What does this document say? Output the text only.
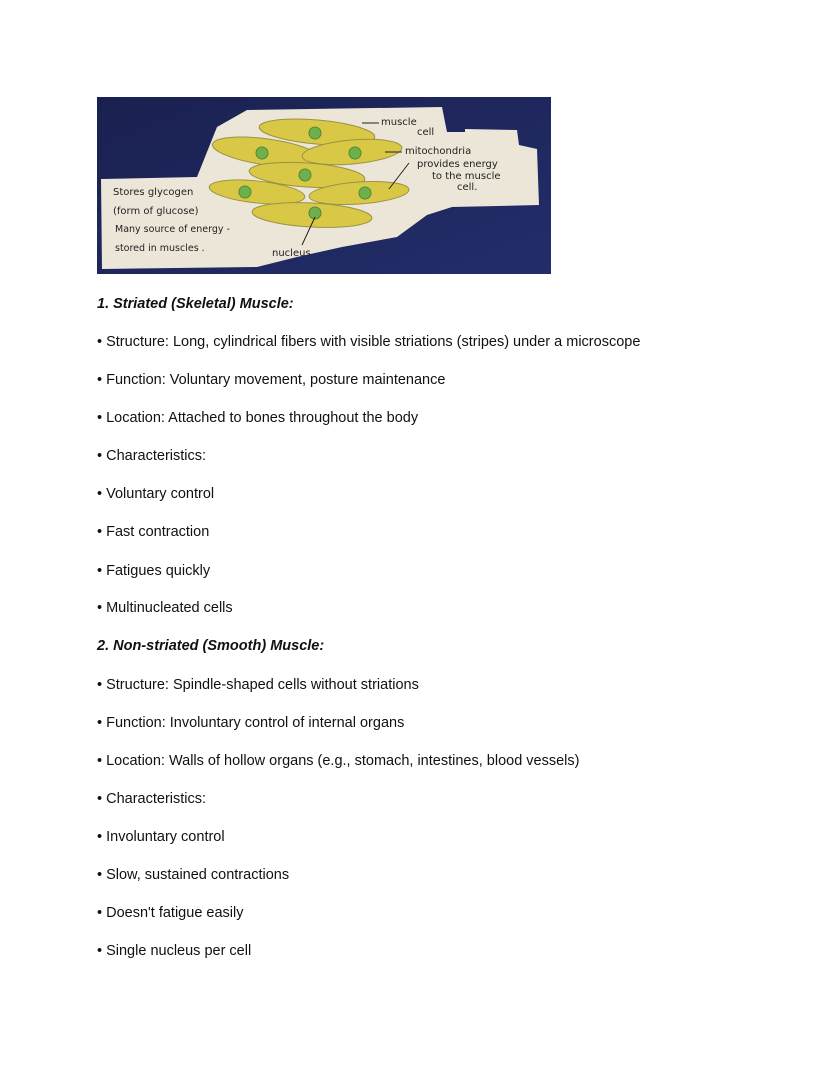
muscle
cell
mitochondria
provides energy
to the muscle
cell.
Stores glycogen
(form of glucose)
Many source of energy -
stored in muscles .	nucleus
1. Striated (Skeletal) Muscle:
• Structure: Long, cylindrical fibers with visible striations (stripes) under a microscope
• Function: Voluntary movement, posture maintenance
• Location: Attached to bones throughout the body
• Characteristics:
• Voluntary control
• Fast contraction
• Fatigues quickly
• Multinucleated cells
2. Non-striated (Smooth) Muscle:
• Structure: Spindle-shaped cells without striations
• Function: Involuntary control of internal organs
• Location: Walls of hollow organs (e.g., stomach, intestines, blood vessels)
• Characteristics:
• Involuntary control
• Slow, sustained contractions
• Doesn't fatigue easily
• Single nucleus per cell
